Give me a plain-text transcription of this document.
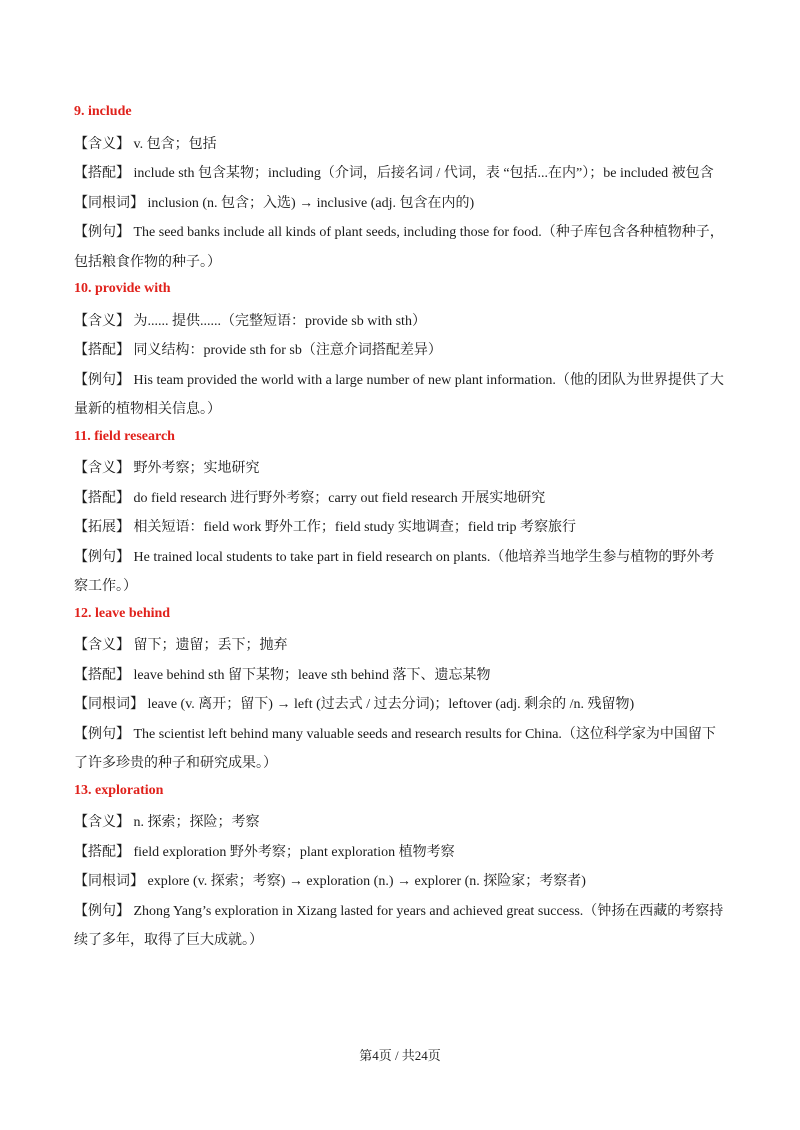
9. include
【含义】 v. 包含；包括
【搭配】 include sth 包含某物；including（介词，后接名词 / 代词，表 “包括...在内”）；be included 被包含
【同根词】 inclusion (n. 包含；入选) → inclusive (adj. 包含在内的)
【例句】 The seed banks include all kinds of plant seeds, including those for food.（种子库包含各种植物种子，包括粮食作物的种子。）
10. provide with
【含义】 为...... 提供......（完整短语：provide sb with sth）
【搭配】 同义结构：provide sth for sb（注意介词搭配差异）
【例句】 His team provided the world with a large number of new plant information.（他的团队为世界提供了大量新的植物相关信息。）
11. field research
【含义】 野外考察；实地研究
【搭配】 do field research 进行野外考察；carry out field research 开展实地研究
【拓展】 相关短语：field work 野外工作；field study 实地调查；field trip 考察旅行
【例句】 He trained local students to take part in field research on plants.（他培养当地学生参与植物的野外考察工作。）
12. leave behind
【含义】 留下；遗留；丢下；抛弃
【搭配】 leave behind sth 留下某物；leave sth behind 落下、遗忘某物
【同根词】 leave (v. 离开；留下) → left (过去式 / 过去分词)；leftover (adj. 剩余的 /n. 残留物)
【例句】 The scientist left behind many valuable seeds and research results for China.（这位科学家为中国留下了许多珍贵的种子和研究成果。）
13. exploration
【含义】 n. 探索；探险；考察
【搭配】 field exploration 野外考察；plant exploration 植物考察
【同根词】 explore (v. 探索；考察) → exploration (n.) → explorer (n. 探险家；考察者)
【例句】 Zhong Yang’s exploration in Xizang lasted for years and achieved great success.（钟扬在西藏的考察持续了多年，取得了巨大成就。）
第4页 / 共24页
